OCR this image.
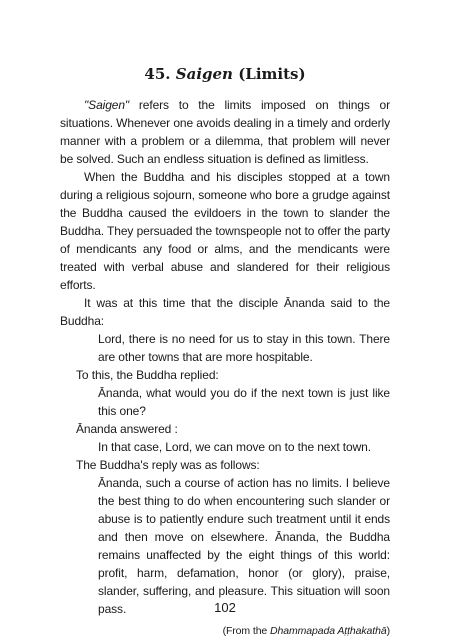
45. Saigen (Limits)

"Saigen" refers to the limits imposed on things or situations. Whenever one avoids dealing in a timely and orderly manner with a problem or a dilemma, that problem will never be solved. Such an endless situation is defined as limitless.

When the Buddha and his disciples stopped at a town during a religious sojourn, someone who bore a grudge against the Buddha caused the evildoers in the town to slander the Buddha. They persuaded the townspeople not to offer the party of mendicants any food or alms, and the mendicants were treated with verbal abuse and slandered for their religious efforts.

It was at this time that the disciple Ānanda said to the Buddha:

Lord, there is no need for us to stay in this town. There are other towns that are more hospitable.

To this, the Buddha replied:

Ānanda, what would you do if the next town is just like this one?

Ānanda answered :

In that case, Lord, we can move on to the next town.

The Buddha's reply was as follows:

Ānanda, such a course of action has no limits. I believe the best thing to do when encountering such slander or abuse is to patiently endure such treatment until it ends and then move on elsewhere. Ānanda, the Buddha remains unaffected by the eight things of this world: profit, harm, defamation, honor (or glory), praise, slander, suffering, and pleasure. This situation will soon pass.

(From the Dhammapada Aṭṭhakathā)

102
